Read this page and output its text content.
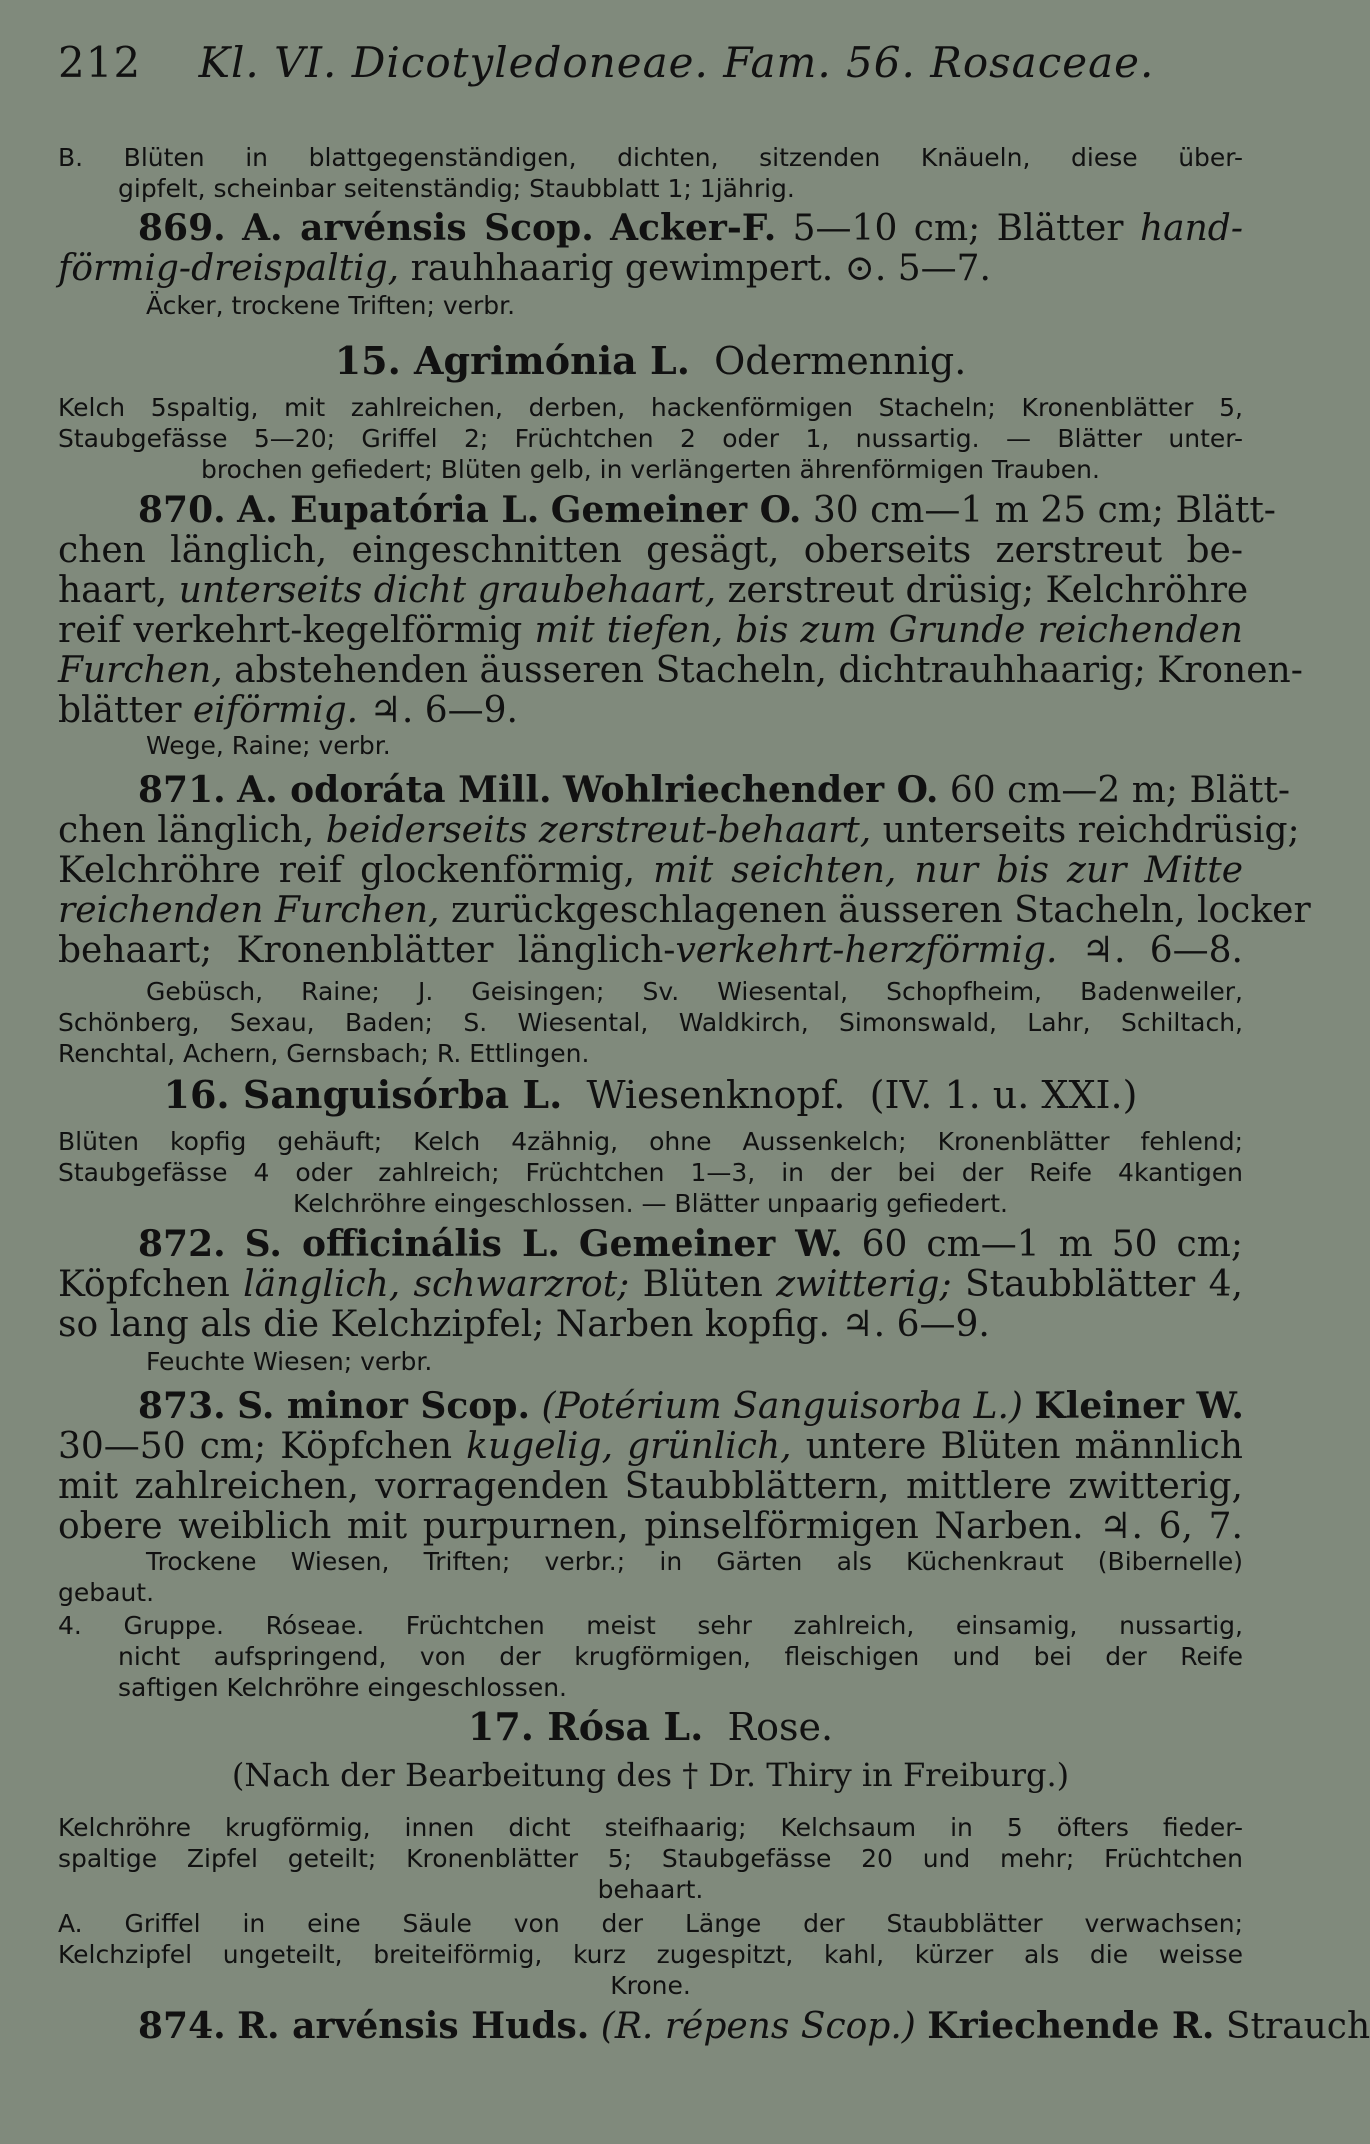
212 Kl. VI. Dicotyledoneae. Fam. 56. Rosaceae.
B. Blüten in blattgegenständigen, dichten, sitzenden Knäueln, diese über-
gipfelt, scheinbar seitenständig; Staubblatt 1; 1jährig.
869. A. arvénsis Scop. Acker-F. 5—10 cm; Blätter hand-
förmig-dreispaltig, rauhhaarig gewimpert. ⊙. 5—7.
Äcker, trockene Triften; verbr.
15. Agrimónia L. Odermennig.
Kelch 5spaltig, mit zahlreichen, derben, hackenförmigen Stacheln; Kronenblätter 5,
Staubgefässe 5—20; Griffel 2; Früchtchen 2 oder 1, nussartig. — Blätter unter-
brochen gefiedert; Blüten gelb, in verlängerten ährenförmigen Trauben.
870. A. Eupatória L. Gemeiner O. 30 cm—1 m 25 cm; Blätt-
chen länglich, eingeschnitten gesägt, oberseits zerstreut be-
haart, unterseits dicht graubehaart, zerstreut drüsig; Kelchröhre
reif verkehrt-kegelförmig mit tiefen, bis zum Grunde reichenden
Furchen, abstehenden äusseren Stacheln, dichtrauhhaarig; Kronen-
blätter eiförmig. ♃. 6—9.
Wege, Raine; verbr.
871. A. odoráta Mill. Wohlriechender O. 60 cm—2 m; Blätt-
chen länglich, beiderseits zerstreut-behaart, unterseits reichdrüsig;
Kelchröhre reif glockenförmig, mit seichten, nur bis zur Mitte
reichenden Furchen, zurückgeschlagenen äusseren Stacheln, locker
behaart; Kronenblätter länglich-verkehrt-herzförmig. ♃. 6—8.
Gebüsch, Raine; J. Geisingen; Sv. Wiesental, Schopfheim, Badenweiler,
Schönberg, Sexau, Baden; S. Wiesental, Waldkirch, Simonswald, Lahr, Schiltach,
Renchtal, Achern, Gernsbach; R. Ettlingen.
16. Sanguisórba L. Wiesenknopf. (IV. 1. u. XXI.)
Blüten kopfig gehäuft; Kelch 4zähnig, ohne Aussenkelch; Kronenblätter fehlend;
Staubgefässe 4 oder zahlreich; Früchtchen 1—3, in der bei der Reife 4kantigen
Kelchröhre eingeschlossen. — Blätter unpaarig gefiedert.
872. S. officinális L. Gemeiner W. 60 cm—1 m 50 cm;
Köpfchen länglich, schwarzrot; Blüten zwitterig; Staubblätter 4,
so lang als die Kelchzipfel; Narben kopfig. ♃. 6—9.
Feuchte Wiesen; verbr.
873. S. minor Scop. (Potérium Sanguisorba L.) Kleiner W.
30—50 cm; Köpfchen kugelig, grünlich, untere Blüten männlich
mit zahlreichen, vorragenden Staubblättern, mittlere zwitterig,
obere weiblich mit purpurnen, pinselförmigen Narben. ♃. 6, 7.
Trockene Wiesen, Triften; verbr.; in Gärten als Küchenkraut (Bibernelle)
gebaut.
4. Gruppe. Róseae. Früchtchen meist sehr zahlreich, einsamig, nussartig,
nicht aufspringend, von der krugförmigen, fleischigen und bei der Reife
saftigen Kelchröhre eingeschlossen.
17. Rósa L. Rose.
(Nach der Bearbeitung des † Dr. Thiry in Freiburg.)
Kelchröhre krugförmig, innen dicht steifhaarig; Kelchsaum in 5 öfters fieder-
spaltige Zipfel geteilt; Kronenblätter 5; Staubgefässe 20 und mehr; Früchtchen
behaart.
A. Griffel in eine Säule von der Länge der Staubblätter verwachsen;
Kelchzipfel ungeteilt, breiteiförmig, kurz zugespitzt, kahl, kürzer als die weisse
Krone.
874. R. arvénsis Huds. (R. répens Scop.) Kriechende R. Strauch
